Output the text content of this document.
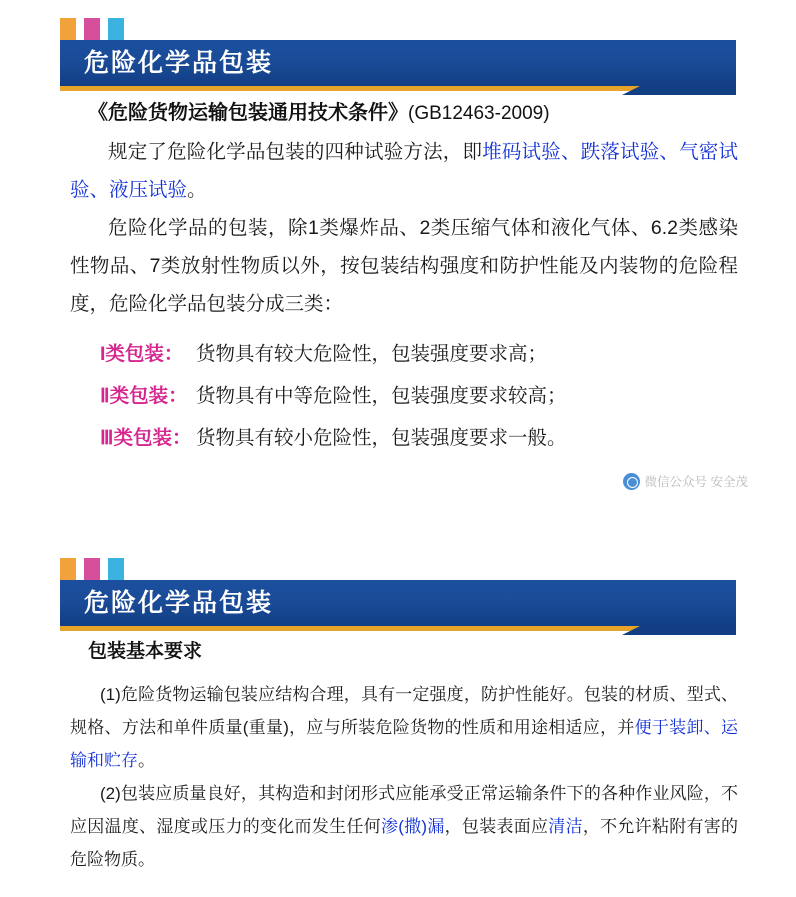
危险化学品包装

《危险货物运输包装通用技术条件》(GB12463-2009)

规定了危险化学品包装的四种试验方法，即堆码试验、跌落试验、气密试验、液压试验。

危险化学品的包装，除1类爆炸品、2类压缩气体和液化气体、6.2类感染性物品、7类放射性物质以外，按包装结构强度和防护性能及内装物的危险程度，危险化学品包装分成三类：

I类包装： 货物具有较大危险性，包装强度要求高；
Ⅱ类包装： 货物具有中等危险性，包装强度要求较高；
Ⅲ类包装： 货物具有较小危险性，包装强度要求一般。
微信公众号 安全茂
危险化学品包装

包装基本要求

(1)危险货物运输包装应结构合理，具有一定强度，防护性能好。包装的材质、型式、规格、方法和单件质量(重量)，应与所装危险货物的性质和用途相适应，并便于装卸、运输和贮存。

(2)包装应质量良好，其构造和封闭形式应能承受正常运输条件下的各种作业风险，不应因温度、湿度或压力的变化而发生任何渗(撒)漏，包装表面应清洁，不允许粘附有害的危险物质。
